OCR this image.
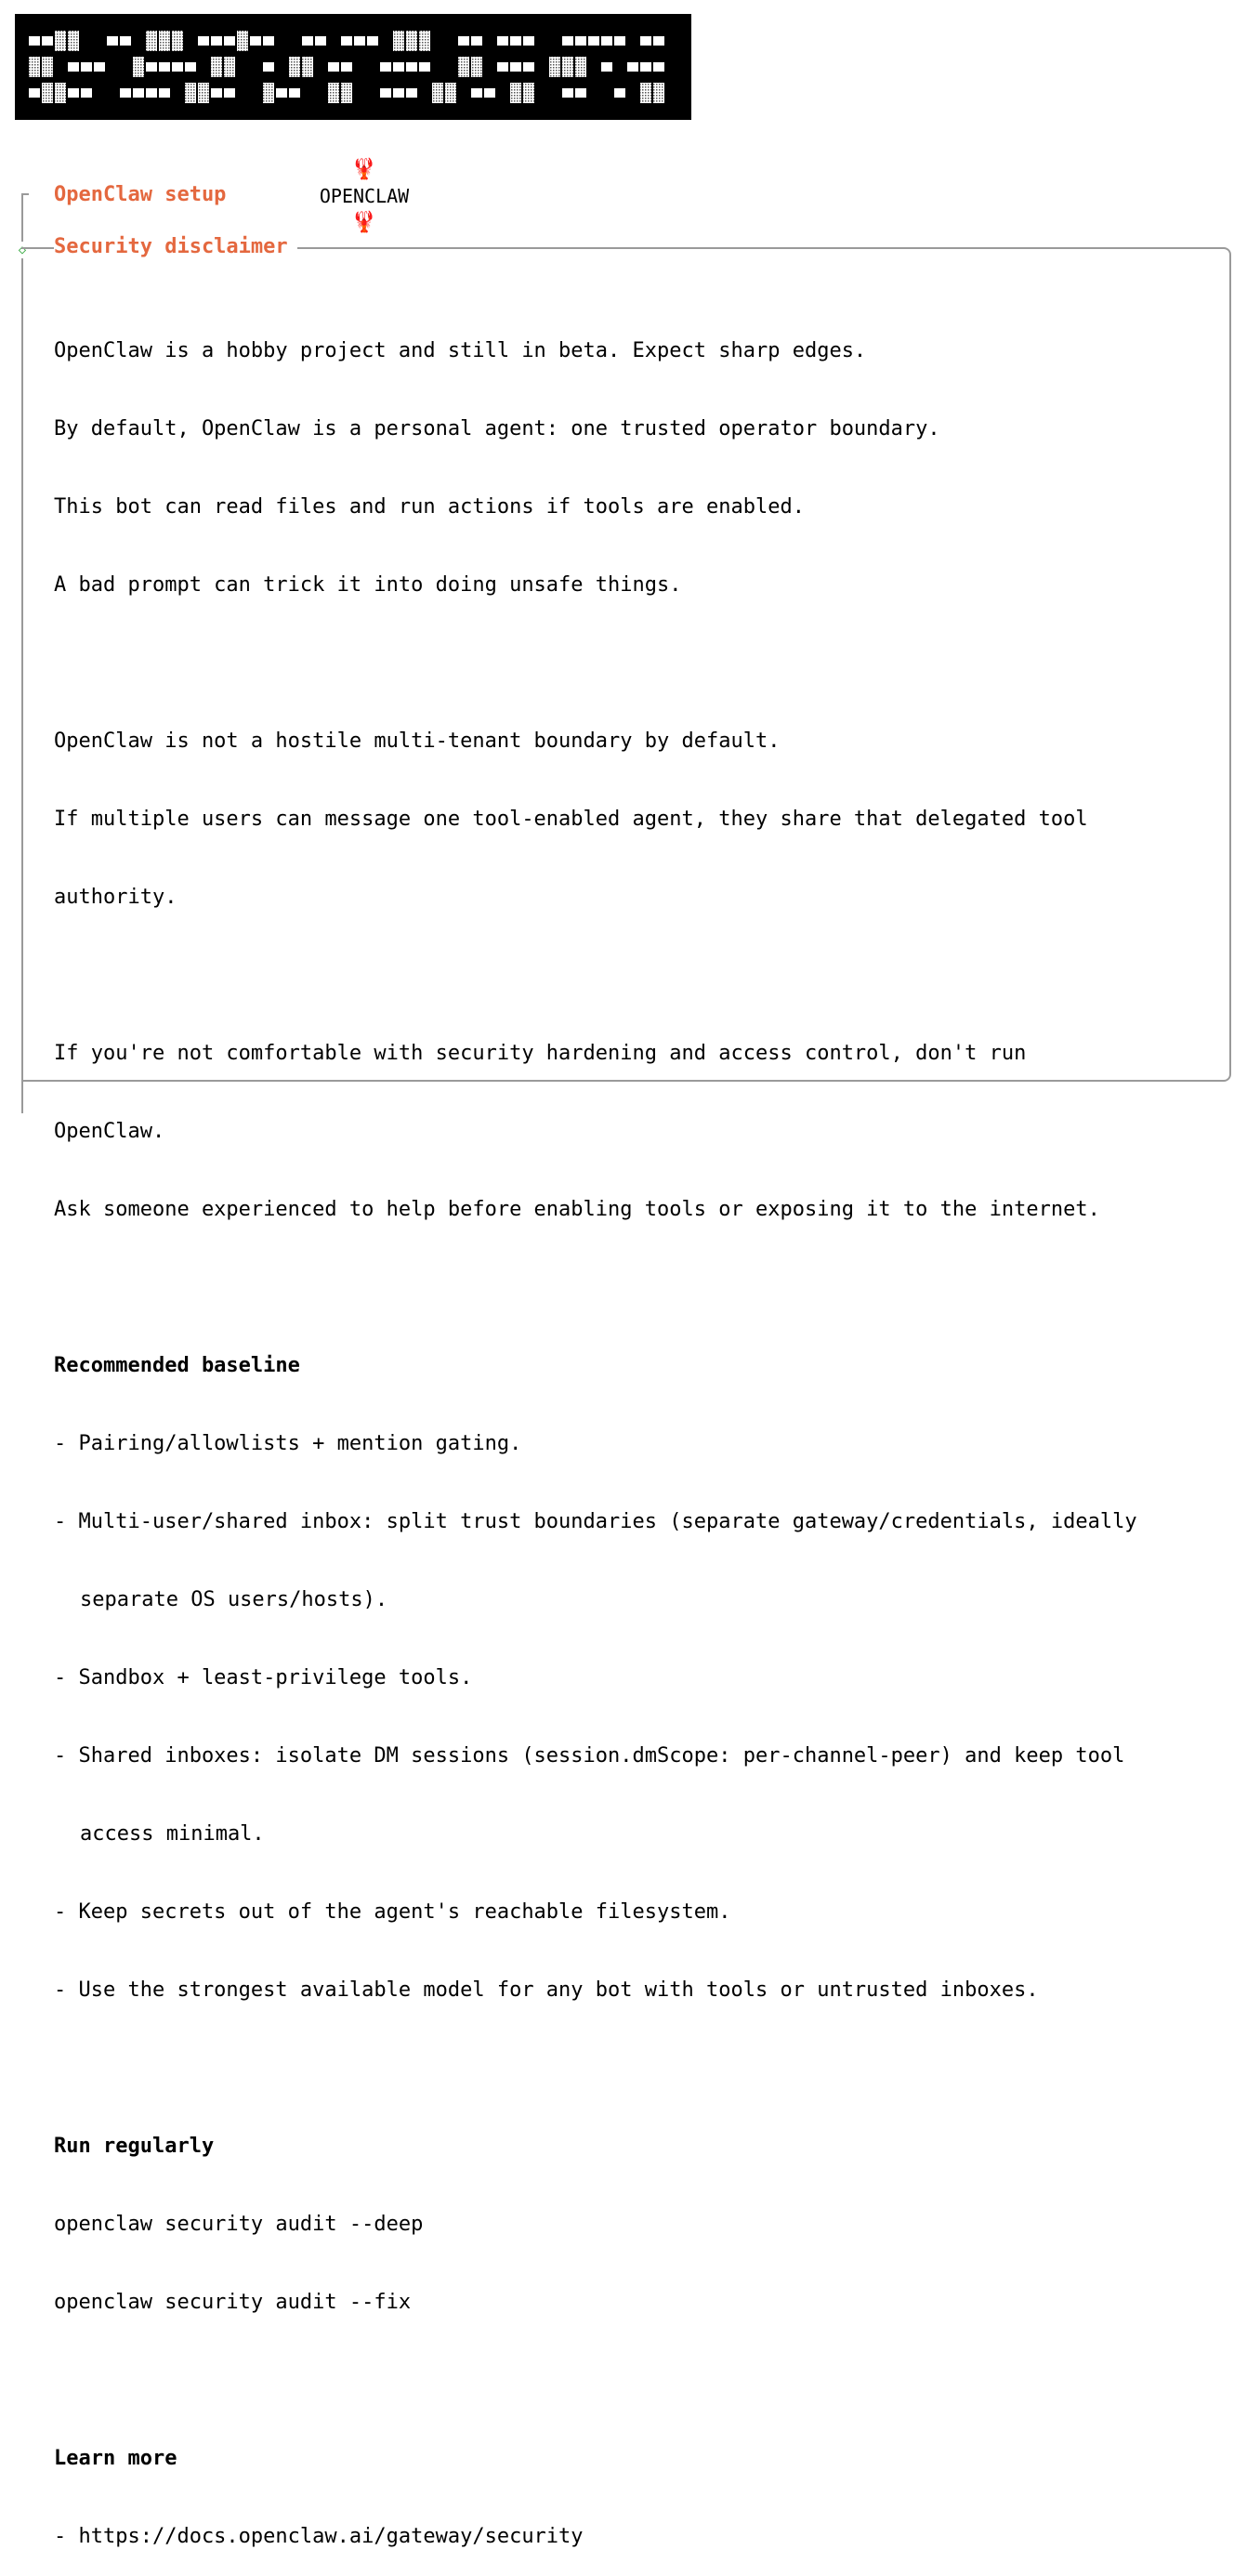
🦞
OPENCLAW
🦞

◇
OpenClaw setup
Security disclaimer

OpenClaw is a hobby project and still in beta. Expect sharp edges.

By default, OpenClaw is a personal agent: one trusted operator boundary.

This bot can read files and run actions if tools are enabled.

A bad prompt can trick it into doing unsafe things.

OpenClaw is not a hostile multi-tenant boundary by default.

If multiple users can message one tool-enabled agent, they share that delegated tool

authority.

If you're not comfortable with security hardening and access control, don't run

OpenClaw.

Ask someone experienced to help before enabling tools or exposing it to the internet.

Recommended baseline

- Pairing/allowlists + mention gating.

- Multi-user/shared inbox: split trust boundaries (separate gateway/credentials, ideally

separate OS users/hosts).

- Sandbox + least-privilege tools.

- Shared inboxes: isolate DM sessions (session.dmScope: per-channel-peer) and keep tool

access minimal.

- Keep secrets out of the agent's reachable filesystem.

- Use the strongest available model for any bot with tools or untrusted inboxes.

Run regularly

openclaw security audit --deep

openclaw security audit --fix

Learn more

- https://docs.openclaw.ai/gateway/security
